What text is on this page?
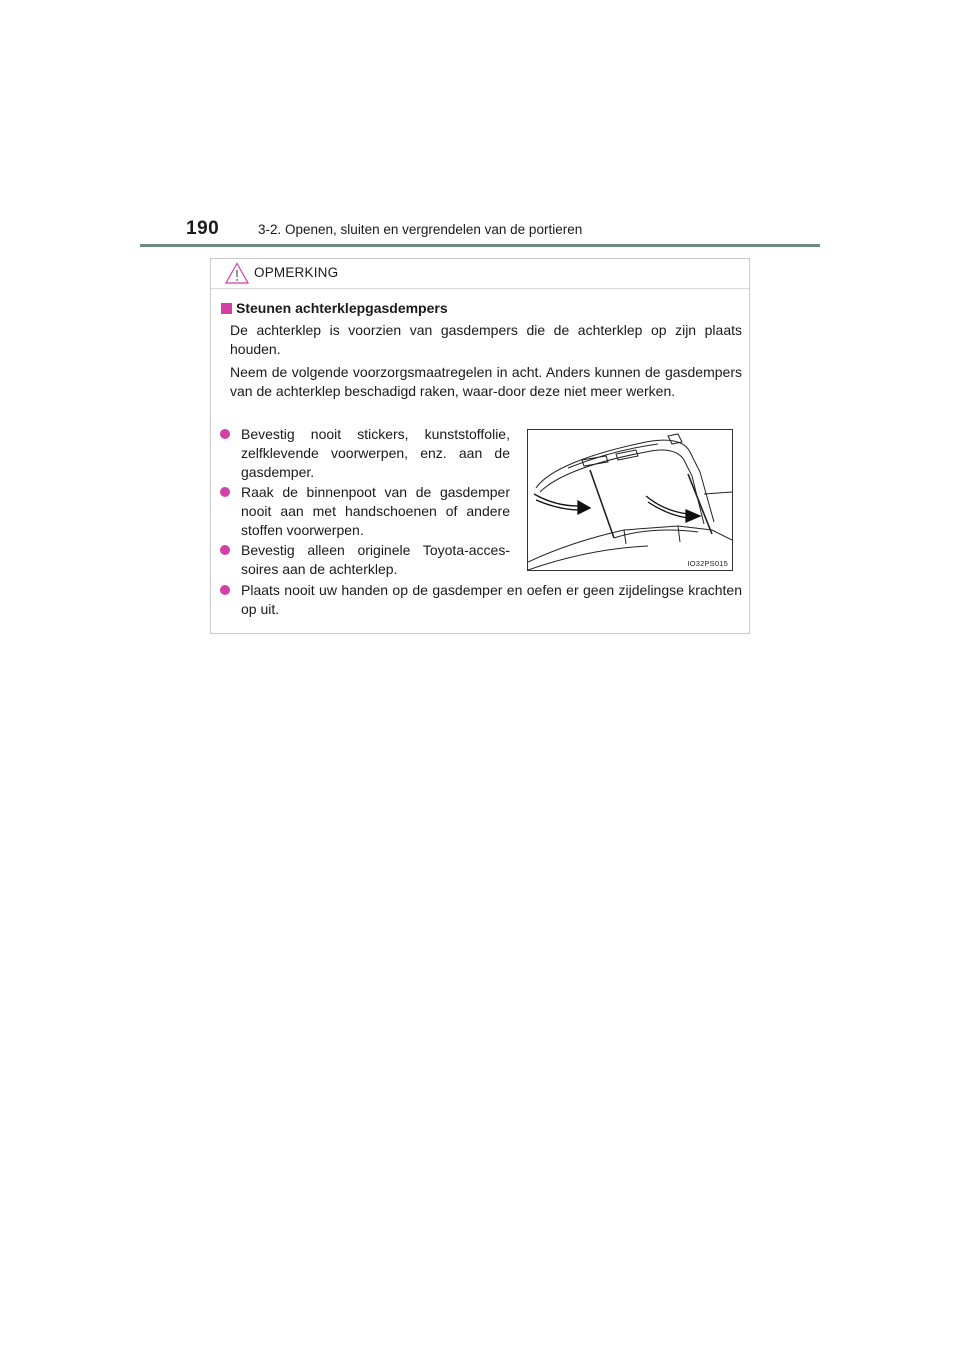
190	3-2. Openen, sluiten en vergrendelen van de portieren
OPMERKING
Steunen achterklepgasdempers
De achterklep is voorzien van gasdempers die de achterklep op zijn plaats houden.
Neem de volgende voorzorgsmaatregelen in acht. Anders kunnen de gasdempers van de achterklep beschadigd raken, waar-door deze niet meer werken.
Bevestig nooit stickers, kunststoffolie, zelfklevende voorwerpen, enz. aan de gasdemper.
Raak de binnenpoot van de gasdemper nooit aan met handschoenen of andere stoffen voorwerpen.
Bevestig alleen originele Toyota-acces-soires aan de achterklep.
Plaats nooit uw handen op de gasdemper en oefen er geen zijdelingse krachten op uit.
IO32PS015
